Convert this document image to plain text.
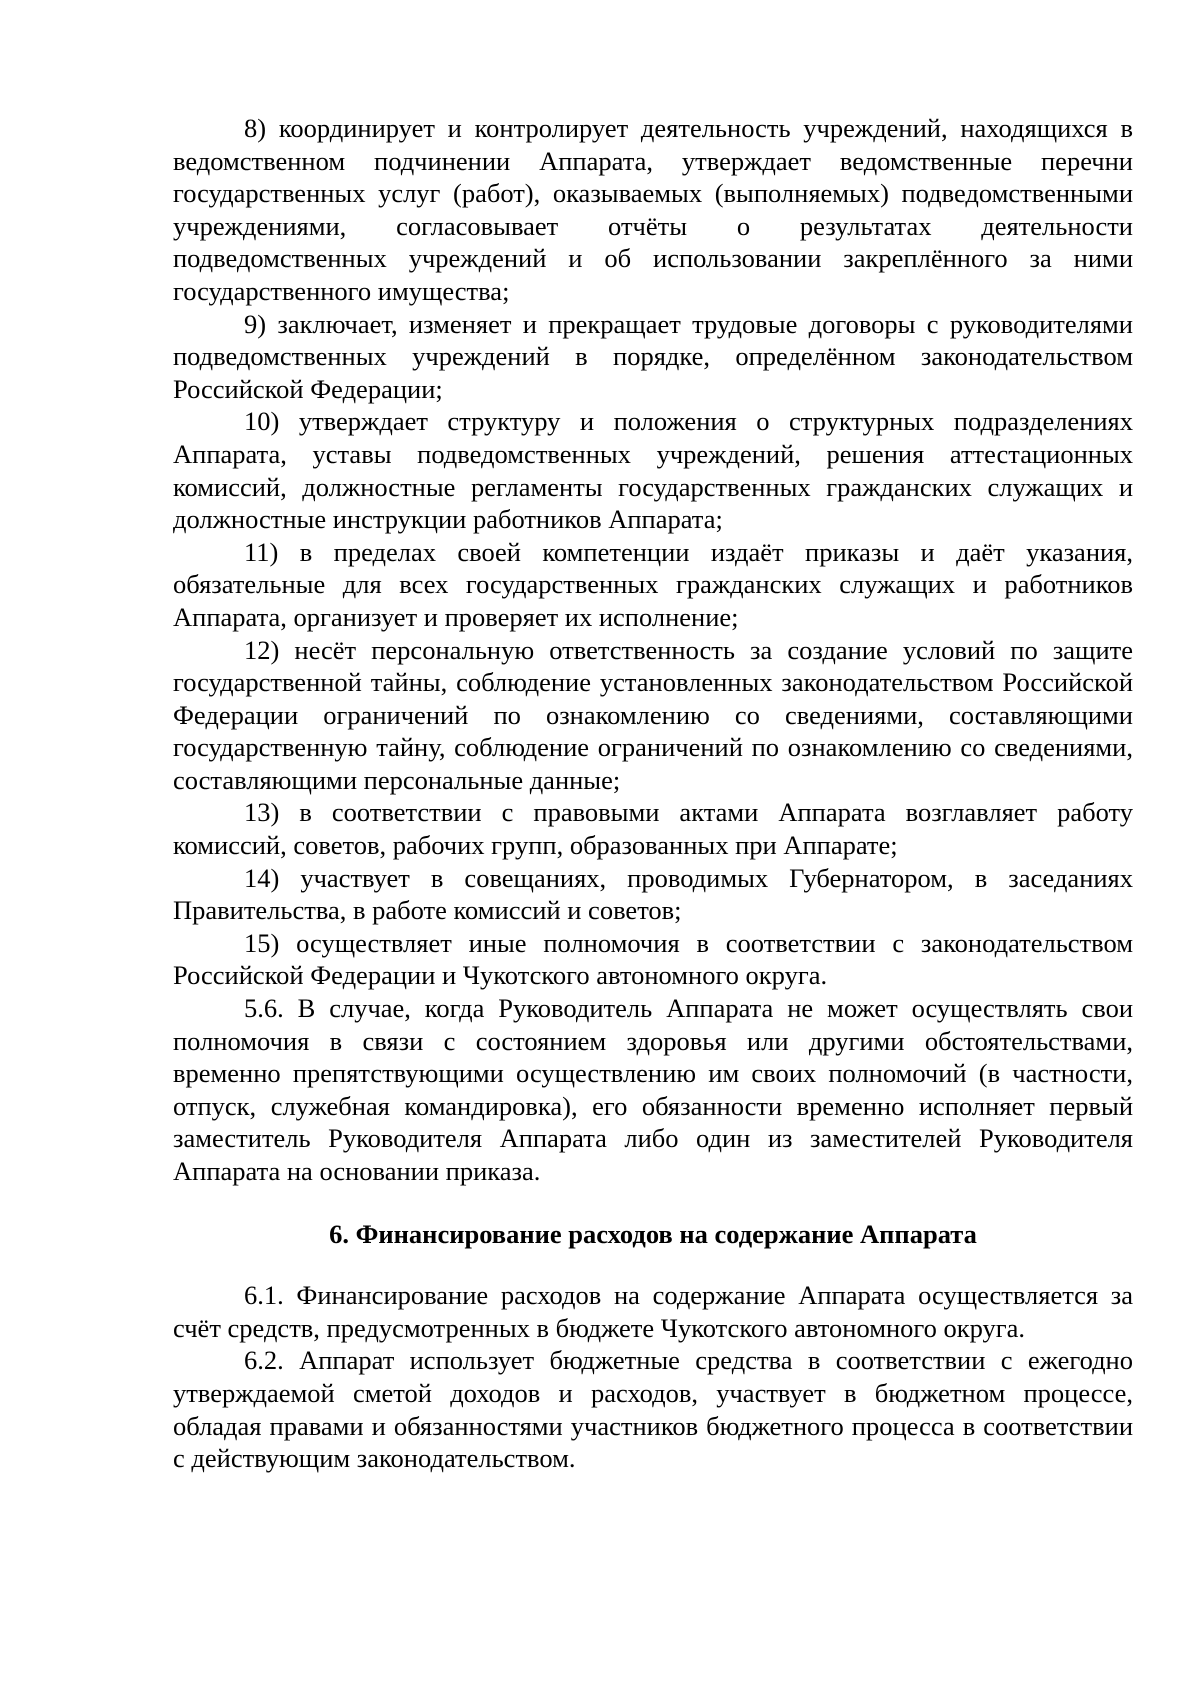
8) координирует и контролирует деятельность учреждений, находящихся в ведомственном подчинении Аппарата, утверждает ведомственные перечни государственных услуг (работ), оказываемых (выполняемых) подведомственными учреждениями, согласовывает отчёты о результатах деятельности подведомственных учреждений и об использовании закреплённого за ними государственного имущества;

9) заключает, изменяет и прекращает трудовые договоры с руководителями подведомственных учреждений в порядке, определённом законодательством Российской Федерации;

10) утверждает структуру и положения о структурных подразделениях Аппарата, уставы подведомственных учреждений, решения аттестационных комиссий, должностные регламенты государственных гражданских служащих и должностные инструкции работников Аппарата;

11) в пределах своей компетенции издаёт приказы и даёт указания, обязательные для всех государственных гражданских служащих и работников Аппарата, организует и проверяет их исполнение;

12) несёт персональную ответственность за создание условий по защите государственной тайны, соблюдение установленных законодательством Российской Федерации ограничений по ознакомлению со сведениями, составляющими государственную тайну, соблюдение ограничений по ознакомлению со сведениями, составляющими персональные данные;

13) в соответствии с правовыми актами Аппарата возглавляет работу комиссий, советов, рабочих групп, образованных при Аппарате;

14) участвует в совещаниях, проводимых Губернатором, в заседаниях Правительства, в работе комиссий и советов;

15) осуществляет иные полномочия в соответствии с законодательством Российской Федерации и Чукотского автономного округа.

5.6. В случае, когда Руководитель Аппарата не может осуществлять свои полномочия в связи с состоянием здоровья или другими обстоятельствами, временно препятствующими осуществлению им своих полномочий (в частности, отпуск, служебная командировка), его обязанности временно исполняет первый заместитель Руководителя Аппарата либо один из заместителей Руководителя Аппарата на основании приказа.

6. Финансирование расходов на содержание Аппарата

6.1. Финансирование расходов на содержание Аппарата осуществляется за счёт средств, предусмотренных в бюджете Чукотского автономного округа.

6.2. Аппарат использует бюджетные средства в соответствии с ежегодно утверждаемой сметой доходов и расходов, участвует в бюджетном процессе, обладая правами и обязанностями участников бюджетного процесса в соответствии с действующим законодательством.
